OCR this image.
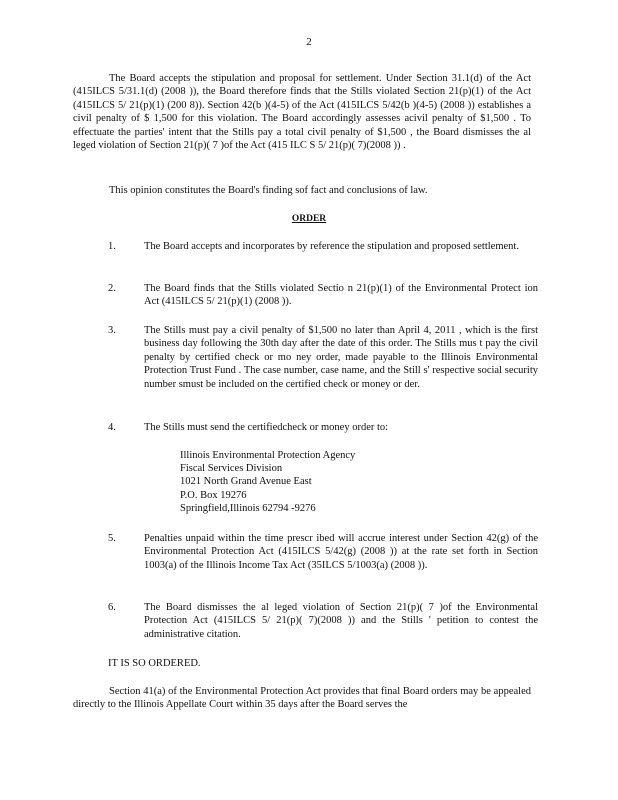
2
The Board accepts the stipulation and proposal for settlement. Under Section 31.1(d) of the Act (415ILCS 5/31.1(d) (2008 )), the Board therefore finds that the Stills violated Section 21(p)(1) of the Act (415ILCS 5/ 21(p)(1) (200 8)). Section 42(b )(4-5) of the Act (415ILCS 5/42(b )(4-5) (2008 )) establishes a civil penalty of $ 1,500 for this violation. The Board accordingly assesses acivil penalty of $1,500 . To effectuate the parties' intent that the Stills pay a total civil penalty of $1,500 , the Board dismisses the al leged violation of Section 21(p)( 7 )of the Act (415 ILC S 5/ 21(p)( 7)(2008 )) .
This opinion constitutes the Board's finding sof fact and conclusions of law.
ORDER
1.	The Board accepts and incorporates by reference the stipulation and proposed settlement.
2.	The Board finds that the Stills violated Sectio n 21(p)(1) of the Environmental Protect ion Act (415ILCS 5/ 21(p)(1) (2008 )).
3.	The Stills must pay a civil penalty of $1,500 no later than April 4, 2011 , which is the first business day following the 30th day after the date of this order. The Stills mus t pay the civil penalty by certified check or mo ney order, made payable to the Illinois Environmental Protection Trust Fund . The case number, case name, and the Still s' respective social security number smust be included on the certified check or money or der.
4.	The Stills must send the certifiedcheck or money order to:
Illinois Environmental Protection Agency
Fiscal Services Division
1021 North Grand Avenue East
P.O. Box 19276
Springfield,Illinois 62794 -9276
5.	Penalties unpaid within the time prescr ibed will accrue interest under Section 42(g) of the Environmental Protection Act (415ILCS 5/42(g) (2008 )) at the rate set forth in Section 1003(a) of the Illinois Income Tax Act (35ILCS 5/1003(a) (2008 )).
6.	The Board dismisses the al leged violation of Section 21(p)( 7 )of the Environmental Protection Act (415ILCS 5/ 21(p)( 7)(2008 )) and the Stills ' petition to contest the administrative citation.
IT IS SO ORDERED.
Section 41(a) of the Environmental Protection Act provides that final Board orders may be appealed directly to the Illinois Appellate Court within 35 days after the Board serves the
